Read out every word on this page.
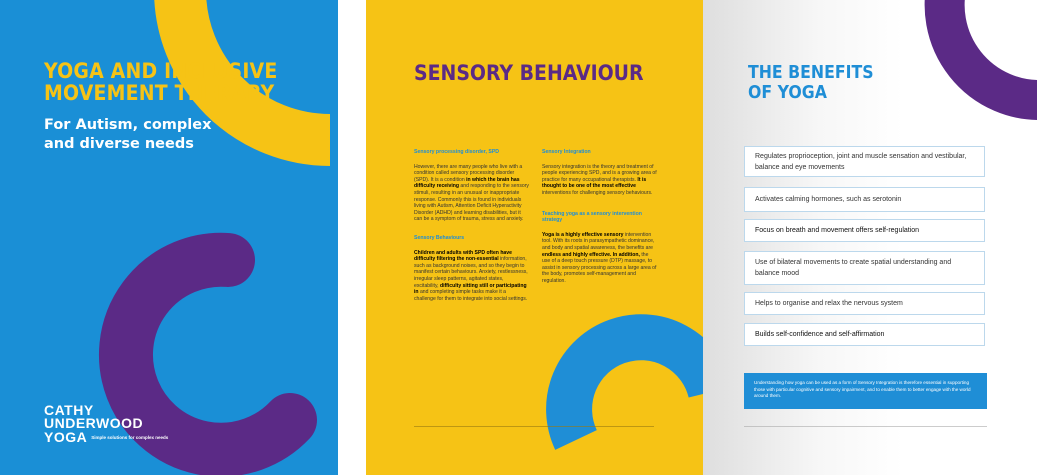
YOGA AND INCLUSIVE MOVEMENT THERAPY

For Autism, complex and diverse needs

CATHY
UNDERWOOD
YOGA Simple solutions for complex needs
SENSORY BEHAVIOUR
Sensory processing disorder, SPD

However, there are many people who live with a condition called sensory processing disorder (SPD). It is a condition in which the brain has difficulty receiving and responding to the sensory stimuli, resulting in an unusual or inappropriate response. Commonly this is found in individuals living with Autism, Attention Deficit Hyperactivity Disorder (ADHD) and learning disabilities, but it can be a symptom of trauma, stress and anxiety.

Sensory Behaviours

Children and adults with SPD often have difficulty filtering the non-essential information, such as background noises, and so they begin to manifest certain behaviours. Anxiety, restlessness, irregular sleep patterns, agitated states, excitability, difficulty sitting still or participating in and completing simple tasks make it a challenge for them to integrate into social settings.

Sensory Integration

Sensory integration is the theory and treatment of people experiencing SPD, and is a growing area of practice for many occupational therapists. It is thought to be one of the most effective interventions for challenging sensory behaviours.

Teaching yoga as a sensory intervention strategy

Yoga is a highly effective sensory intervention tool. With its roots in parasympathetic dominance, and body and spatial awareness, the benefits are endless and highly effective. In addition, the use of a deep touch pressure (DTP) massage, to assist in sensory processing across a large area of the body, promotes self-management and regulation.

THE BENEFITS
OF YOGA
Regulates proprioception, joint and muscle sensation and vestibular, balance and eye movements
Activates calming hormones, such as serotonin
Focus on breath and movement offers self-regulation
Use of bilateral movements to create spatial understanding and balance mood
Helps to organise and relax the nervous system
Builds self-confidence and self-affirmation
Understanding how yoga can be used as a form of Sensory Integration is therefore essential in supporting those with particular cognitive and sensory impairment, and to enable them to better engage with the world around them.
